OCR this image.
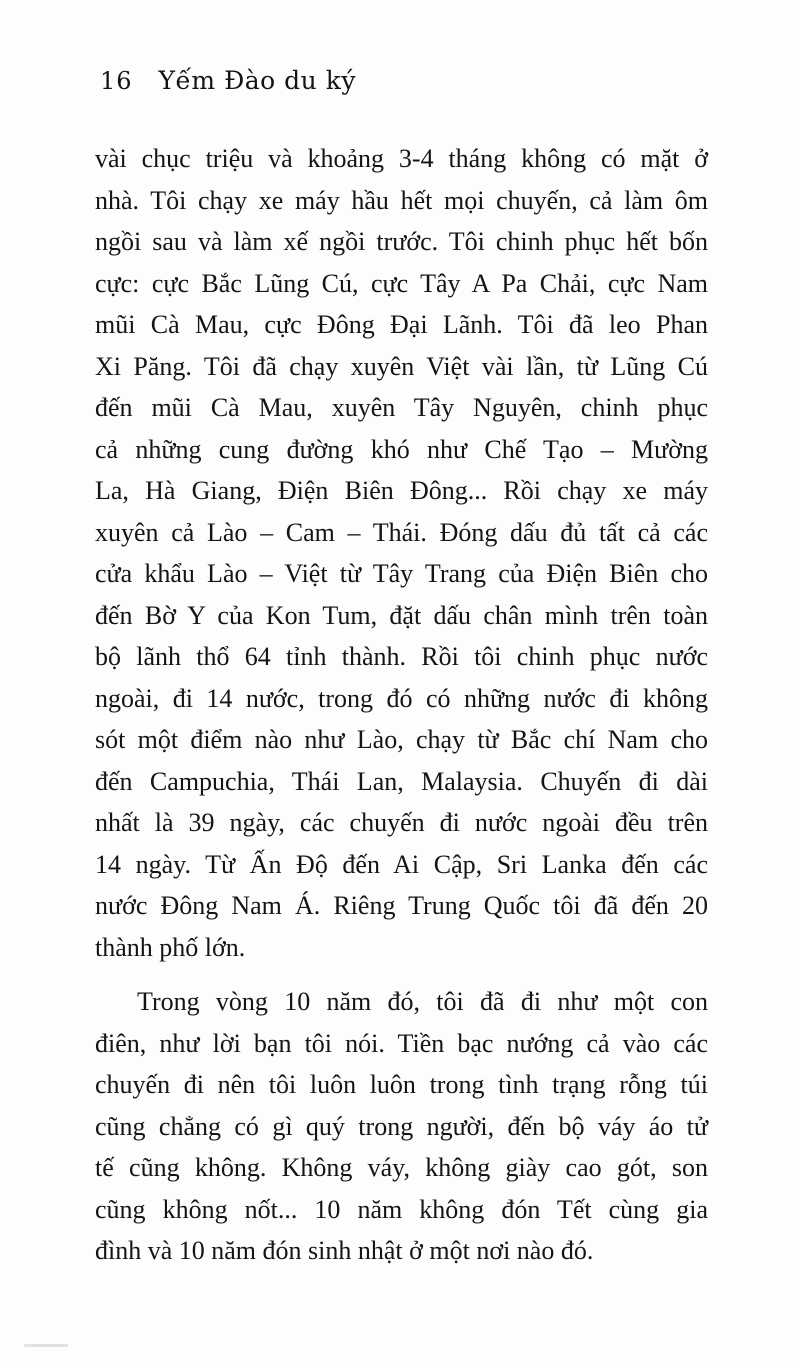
16 Yếm Đào du ký
vài chục triệu và khoảng 3-4 tháng không có mặt ở
nhà. Tôi chạy xe máy hầu hết mọi chuyến, cả làm ôm
ngồi sau và làm xế ngồi trước. Tôi chinh phục hết bốn
cực: cực Bắc Lũng Cú, cực Tây A Pa Chải, cực Nam
mũi Cà Mau, cực Đông Đại Lãnh. Tôi đã leo Phan
Xi Păng. Tôi đã chạy xuyên Việt vài lần, từ Lũng Cú
đến mũi Cà Mau, xuyên Tây Nguyên, chinh phục
cả những cung đường khó như Chế Tạo – Mường
La, Hà Giang, Điện Biên Đông... Rồi chạy xe máy
xuyên cả Lào – Cam – Thái. Đóng dấu đủ tất cả các
cửa khẩu Lào – Việt từ Tây Trang của Điện Biên cho
đến Bờ Y của Kon Tum, đặt dấu chân mình trên toàn
bộ lãnh thổ 64 tỉnh thành. Rồi tôi chinh phục nước
ngoài, đi 14 nước, trong đó có những nước đi không
sót một điểm nào như Lào, chạy từ Bắc chí Nam cho
đến Campuchia, Thái Lan, Malaysia. Chuyến đi dài
nhất là 39 ngày, các chuyến đi nước ngoài đều trên
14 ngày. Từ Ấn Độ đến Ai Cập, Sri Lanka đến các
nước Đông Nam Á. Riêng Trung Quốc tôi đã đến 20
thành phố lớn.
Trong vòng 10 năm đó, tôi đã đi như một con
điên, như lời bạn tôi nói. Tiền bạc nướng cả vào các
chuyến đi nên tôi luôn luôn trong tình trạng rỗng túi
cũng chẳng có gì quý trong người, đến bộ váy áo tử
tế cũng không. Không váy, không giày cao gót, son
cũng không nốt... 10 năm không đón Tết cùng gia
đình và 10 năm đón sinh nhật ở một nơi nào đó.
